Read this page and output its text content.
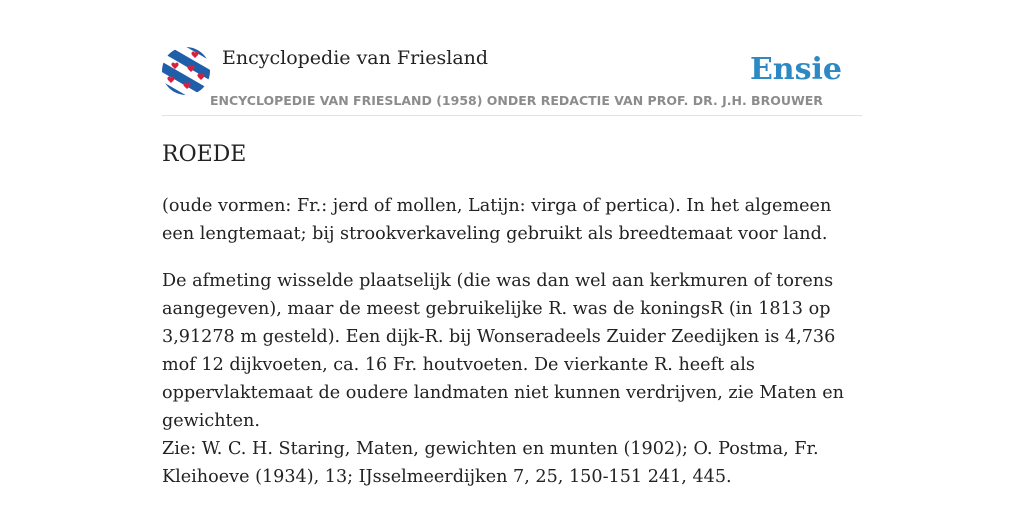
Encyclopedie van Friesland	Ensie
ENCYCLOPEDIE VAN FRIESLAND (1958) ONDER REDACTIE VAN PROF. DR. J.H. BROUWER
ROEDE

(oude vormen: Fr.: jerd of mollen, Latijn: virga of pertica). In het algemeen een lengtemaat; bij strookverkaveling gebruikt als breedtemaat voor land.

De afmeting wisselde plaatselijk (die was dan wel aan kerkmuren of torens aangegeven), maar de meest gebruikelijke R. was de koningsR (in 1813 op 3,91278 m gesteld). Een dijk-R. bij Wonseradeels Zuider Zeedijken is 4,736 mof 12 dijkvoeten, ca. 16 Fr. houtvoeten. De vierkante R. heeft als oppervlaktemaat de oudere landmaten niet kunnen verdrijven, zie Maten en gewichten.

Zie: W. C. H. Staring, Maten, gewichten en munten (1902); O. Postma, Fr. Kleihoeve (1934), 13; IJsselmeerdijken 7, 25, 150-151 241, 445.
